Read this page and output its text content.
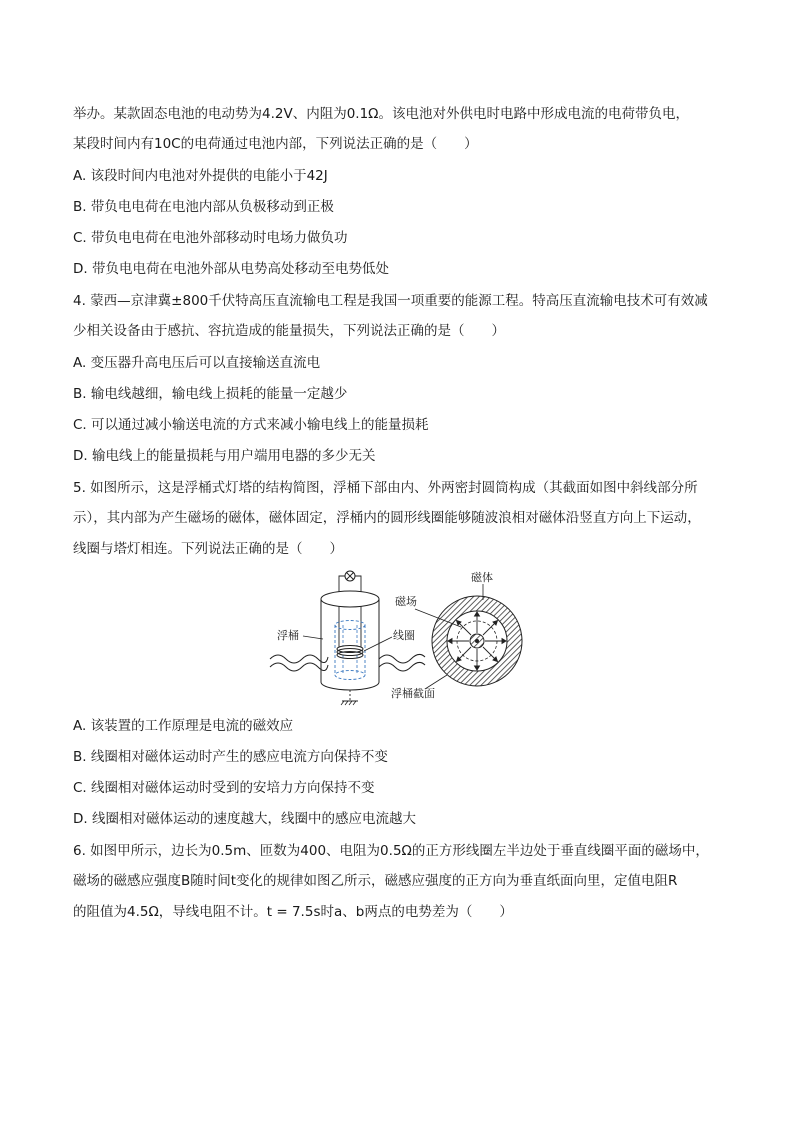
举办。某款固态电池的电动势为4.2V、内阻为0.1Ω。该电池对外供电时电路中形成电流的电荷带负电，
某段时间内有10C的电荷通过电池内部，下列说法正确的是（　　）
A. 该段时间内电池对外提供的电能小于42J
B. 带负电电荷在电池内部从负极移动到正极
C. 带负电电荷在电池外部移动时电场力做负功
D. 带负电电荷在电池外部从电势高处移动至电势低处
4. 蒙西—京津冀±800千伏特高压直流输电工程是我国一项重要的能源工程。特高压直流输电技术可有效减
少相关设备由于感抗、容抗造成的能量损失，下列说法正确的是（　　）
A. 变压器升高电压后可以直接输送直流电
B. 输电线越细，输电线上损耗的能量一定越少
C. 可以通过减小输送电流的方式来减小输电线上的能量损耗
D. 输电线上的能量损耗与用户端用电器的多少无关
5. 如图所示，这是浮桶式灯塔的结构简图，浮桶下部由内、外两密封圆筒构成（其截面如图中斜线部分所
示），其内部为产生磁场的磁体，磁体固定，浮桶内的圆形线圈能够随波浪相对磁体沿竖直方向上下运动，
线圈与塔灯相连。下列说法正确的是（　　）
浮桶	线圈
磁体
磁场
浮桶截面
A. 该装置的工作原理是电流的磁效应
B. 线圈相对磁体运动时产生的感应电流方向保持不变
C. 线圈相对磁体运动时受到的安培力方向保持不变
D. 线圈相对磁体运动的速度越大，线圈中的感应电流越大
6. 如图甲所示，边长为0.5m、匝数为400、电阻为0.5Ω的正方形线圈左半边处于垂直线圈平面的磁场中，
磁场的磁感应强度B随时间t变化的规律如图乙所示，磁感应强度的正方向为垂直纸面向里，定值电阻R
的阻值为4.5Ω，导线电阻不计。t = 7.5s时a、b两点的电势差为（　　）
